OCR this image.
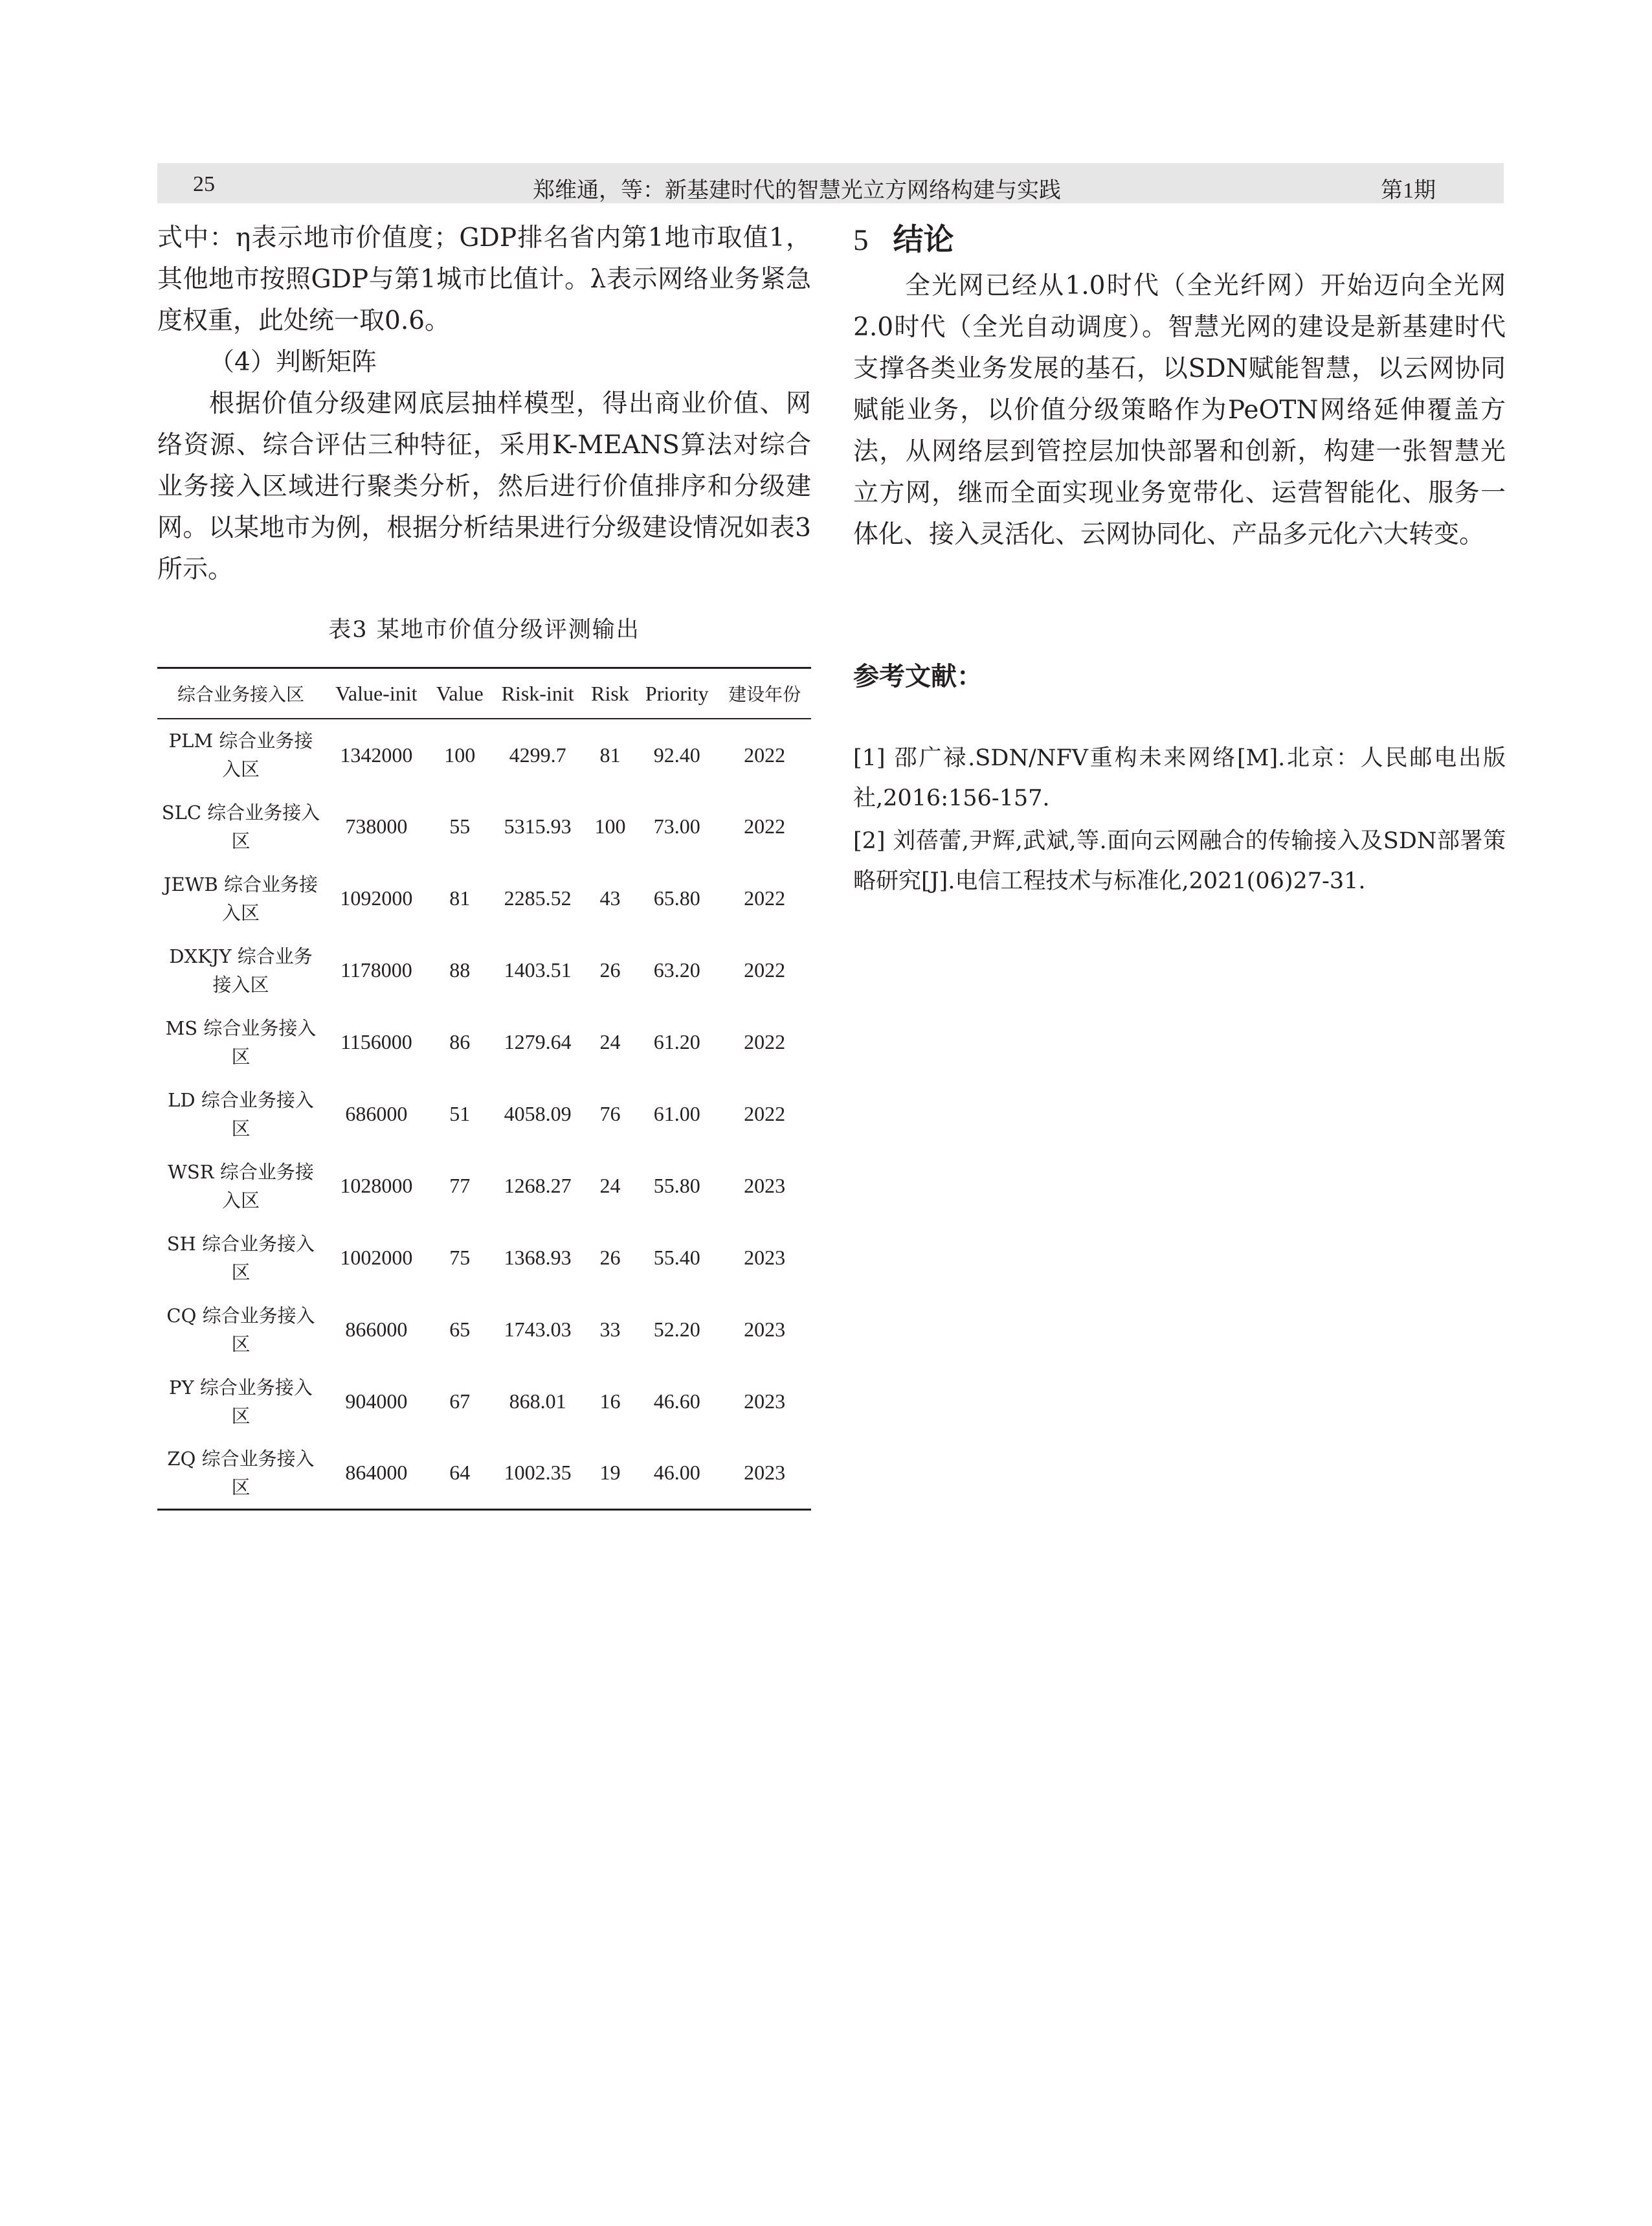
25	郑维通，等：新基建时代的智慧光立方网络构建与实践	第1期

式中：η表示地市价值度；GDP排名省内第1地市取值1，其他地市按照GDP与第1城市比值计。λ表示网络业务紧急度权重，此处统一取0.6。

（4）判断矩阵

根据价值分级建网底层抽样模型，得出商业价值、网络资源、综合评估三种特征，采用K-MEANS算法对综合业务接入区域进行聚类分析，然后进行价值排序和分级建网。以某地市为例，根据分析结果进行分级建设情况如表3所示。

表3 某地市价值分级评测输出
综合业务接入区	Value-init	Value	Risk-init	Risk	Priority	建设年份
PLM 综合业务接入区	1342000	100	4299.7	81	92.40	2022
SLC 综合业务接入区	738000	55	5315.93	100	73.00	2022
JEWB 综合业务接入区	1092000	81	2285.52	43	65.80	2022
DXKJY 综合业务接入区	1178000	88	1403.51	26	63.20	2022
MS 综合业务接入区	1156000	86	1279.64	24	61.20	2022
LD 综合业务接入区	686000	51	4058.09	76	61.00	2022
WSR 综合业务接入区	1028000	77	1268.27	24	55.80	2023
SH 综合业务接入区	1002000	75	1368.93	26	55.40	2023
CQ 综合业务接入区	866000	65	1743.03	33	52.20	2023
PY 综合业务接入区	904000	67	868.01	16	46.60	2023
ZQ 综合业务接入区	864000	64	1002.35	19	46.00	2023
5 结论

全光网已经从1.0时代（全光纤网）开始迈向全光网2.0时代（全光自动调度）。智慧光网的建设是新基建时代支撑各类业务发展的基石，以SDN赋能智慧，以云网协同赋能业务，以价值分级策略作为PeOTN网络延伸覆盖方法，从网络层到管控层加快部署和创新，构建一张智慧光立方网，继而全面实现业务宽带化、运营智能化、服务一体化、接入灵活化、云网协同化、产品多元化六大转变。

参考文献：

[1] 邵广禄.SDN/NFV重构未来网络[M].北京：人民邮电出版社,2016:156-157.

[2] 刘蓓蕾,尹辉,武斌,等.面向云网融合的传输接入及SDN部署策略研究[J].电信工程技术与标准化,2021(06)27-31.
